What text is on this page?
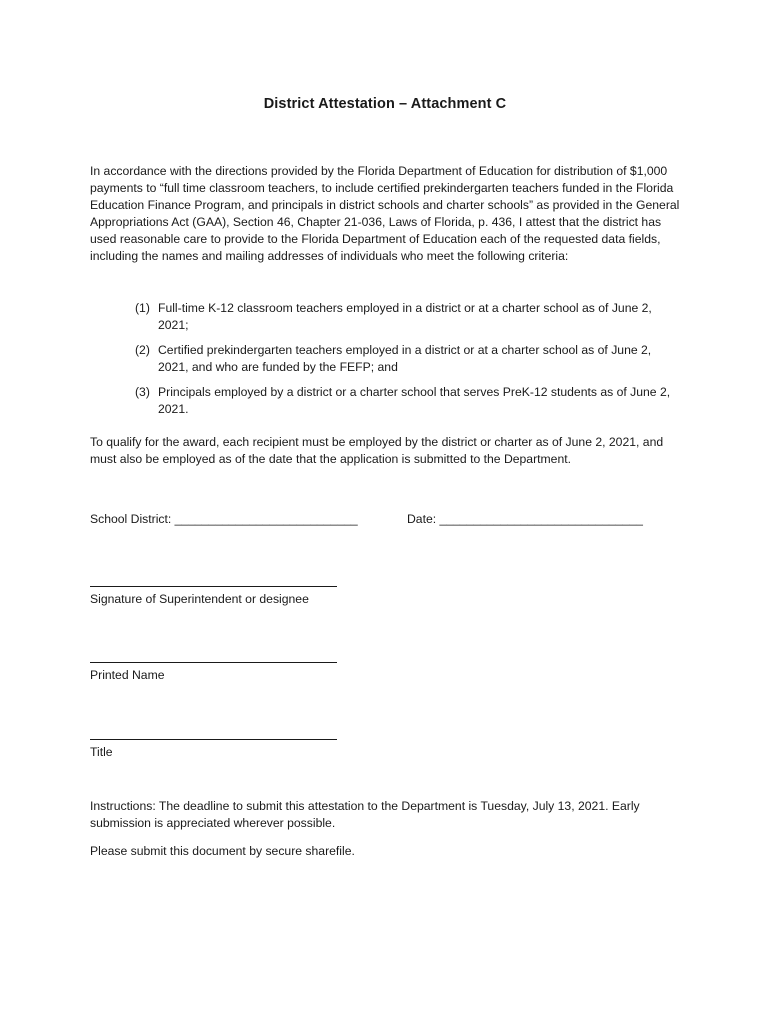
District Attestation – Attachment C

In accordance with the directions provided by the Florida Department of Education for distribution of $1,000 payments to “full time classroom teachers, to include certified prekindergarten teachers funded in the Florida Education Finance Program, and principals in district schools and charter schools” as provided in the General Appropriations Act (GAA), Section 46, Chapter 21-036, Laws of Florida, p. 436, I attest that the district has used reasonable care to provide to the Florida Department of Education each of the requested data fields, including the names and mailing addresses of individuals who meet the following criteria:

(1) Full-time K-12 classroom teachers employed in a district or at a charter school as of June 2, 2021;
(2) Certified prekindergarten teachers employed in a district or at a charter school as of June 2, 2021, and who are funded by the FEFP; and
(3) Principals employed by a district or a charter school that serves PreK-12 students as of June 2, 2021.

To qualify for the award, each recipient must be employed by the district or charter as of June 2, 2021, and must also be employed as of the date that the application is submitted to the Department.

School District: ___________________________	Date: ______________________________
Signature of Superintendent or designee
Printed Name
Title

Instructions: The deadline to submit this attestation to the Department is Tuesday, July 13, 2021. Early submission is appreciated wherever possible.

Please submit this document by secure sharefile.
